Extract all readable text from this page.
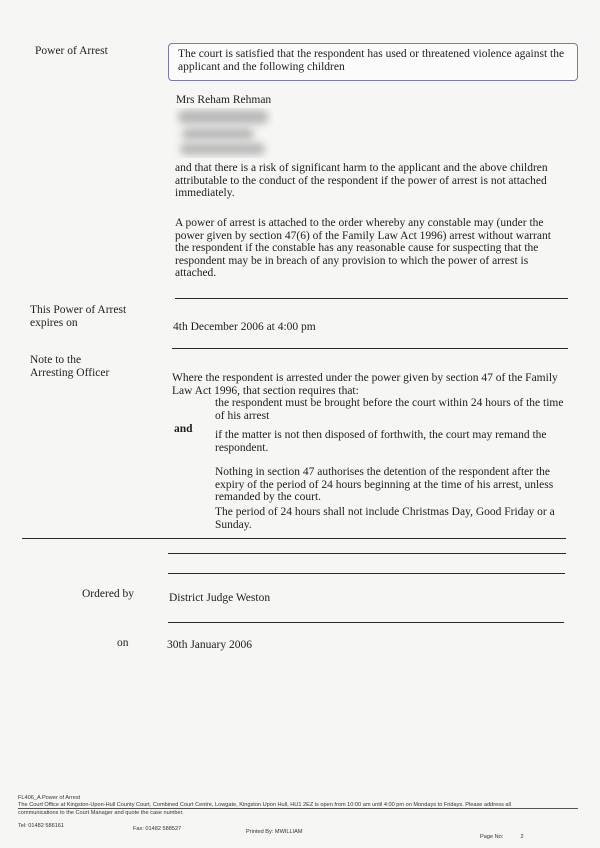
Power of Arrest	The court is satisfied that the respondent has used or threatened violence against the applicant and the following children
Mrs Reham Rehman
and that there is a risk of significant harm to the applicant and the above children attributable to the conduct of the respondent if the power of arrest is not attached immediately.
A power of arrest is attached to the order whereby any constable may (under the power given by section 47(6) of the Family Law Act 1996) arrest without warrant the respondent if the constable has any reasonable cause for suspecting that the respondent may be in breach of any provision to which the power of arrest is attached.
This Power of Arrest
expires on	4th December 2006 at 4:00 pm
Note to the
Arresting Officer	Where the respondent is arrested under the power given by section 47 of the Family Law Act 1996, that section requires that:
the respondent must be brought before the court within 24 hours of the time of his arrest
and if the matter is not then disposed of forthwith, the court may remand the respondent.
Nothing in section 47 authorises the detention of the respondent after the expiry of the period of 24 hours beginning at the time of his arrest, unless remanded by the court.
The period of 24 hours shall not include Christmas Day, Good Friday or a Sunday.
Ordered by	District Judge Weston
on	30th January 2006
FL406_A Power of Arrest
The Court Office at Kingston-Upon-Hull County Court, Combined Court Centre, Lowgate, Kingston Upon Hull, HU1 2EZ is open from 10:00 am until 4:00 pm on Mondays to Fridays. Please address all
communications to the Court Manager and quote the case number.
Tel: 01482 586161	Fax: 01482 588527	Printed By: MWILLIAM
Page No:	2
